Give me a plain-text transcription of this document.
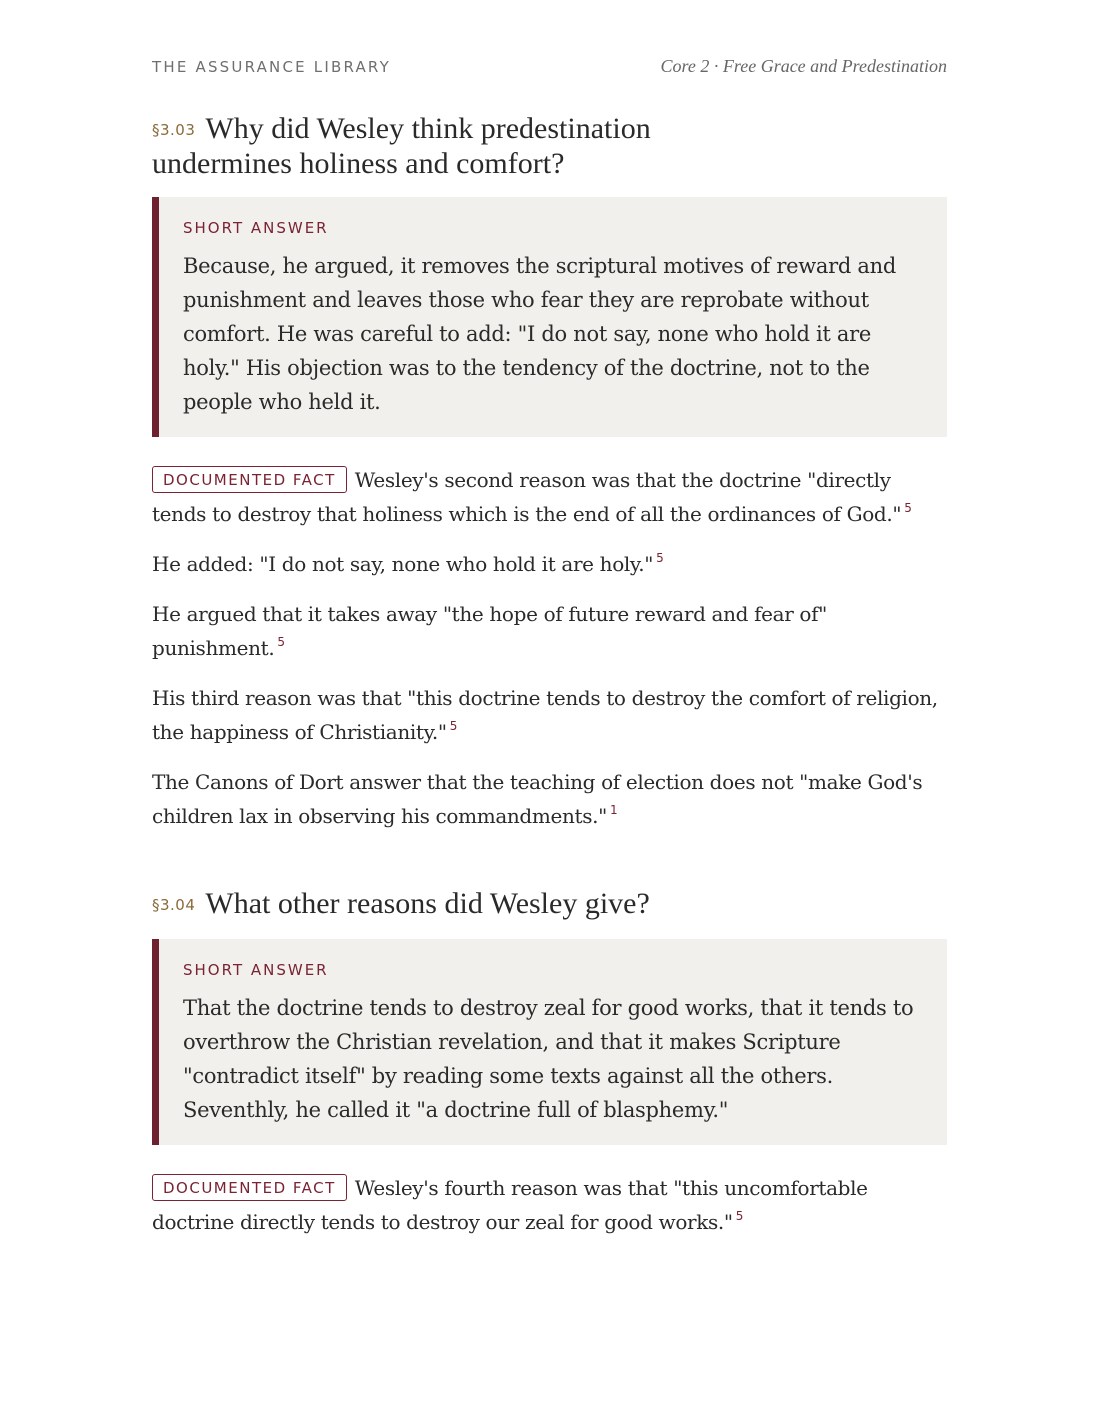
THE ASSURANCE LIBRARY	Core 2 · Free Grace and Predestination
§3.03 Why did Wesley think predestination undermines holiness and comfort?
SHORT ANSWER
Because, he argued, it removes the scriptural motives of reward and punishment and leaves those who fear they are reprobate without comfort. He was careful to add: "I do not say, none who hold it are holy." His objection was to the tendency of the doctrine, not to the people who held it.

DOCUMENTED FACT Wesley's second reason was that the doctrine "directly tends to destroy that holiness which is the end of all the ordinances of God." $^5$

He added: "I do not say, none who hold it are holy." $^5$

He argued that it takes away "the hope of future reward and fear of" punishment. $^5$

His third reason was that "this doctrine tends to destroy the comfort of religion, the happiness of Christianity." $^5$

The Canons of Dort answer that the teaching of election does not "make God's children lax in observing his commandments." $^1$

§3.04 What other reasons did Wesley give?
SHORT ANSWER
That the doctrine tends to destroy zeal for good works, that it tends to overthrow the Christian revelation, and that it makes Scripture "contradict itself" by reading some texts against all the others. Seventhly, he called it "a doctrine full of blasphemy."

DOCUMENTED FACT Wesley's fourth reason was that "this uncomfortable doctrine directly tends to destroy our zeal for good works." $^5$
